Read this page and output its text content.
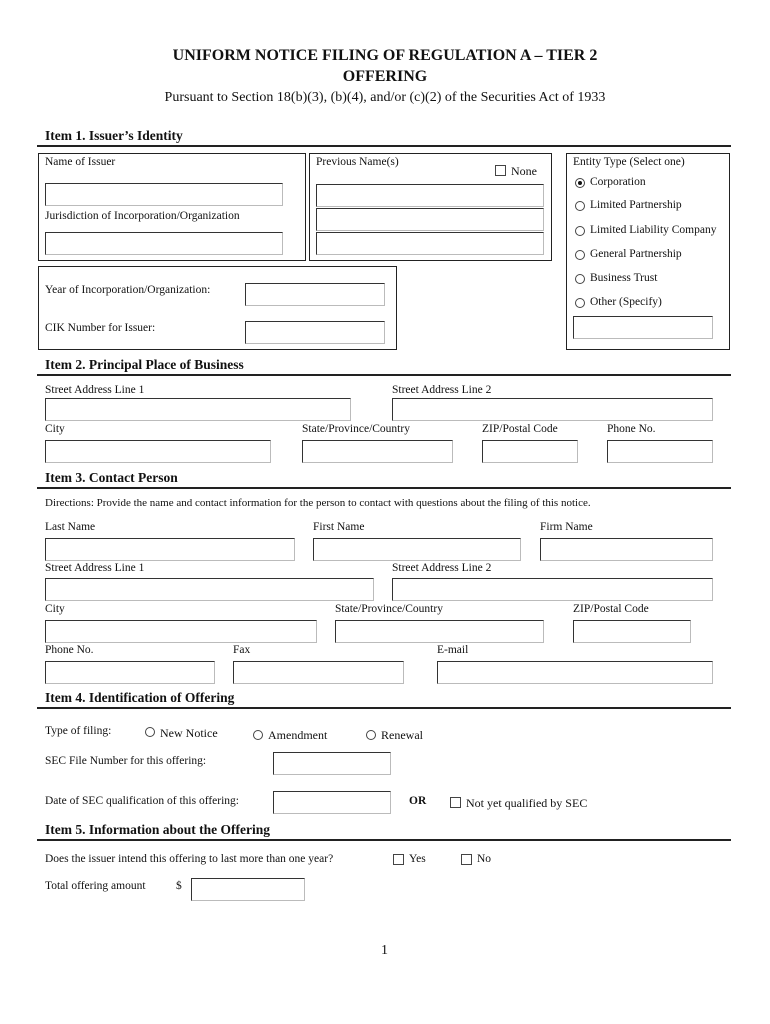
UNIFORM NOTICE FILING OF REGULATION A – TIER 2
OFFERING
Pursuant to Section 18(b)(3), (b)(4), and/or (c)(2) of the Securities Act of 1933
Item 1. Issuer’s Identity
Name of Issuer
Jurisdiction of Incorporation/Organization
Previous Name(s)
None
Entity Type (Select one)
Corporation
Limited Partnership
Limited Liability Company
General Partnership
Business Trust
Other (Specify)
Year of Incorporation/Organization:
CIK Number for Issuer:
Item 2. Principal Place of Business
Street Address Line 1	Street Address Line 2
City	State/Province/Country	ZIP/Postal Code	Phone No.
Item 3. Contact Person
Directions: Provide the name and contact information for the person to contact with questions about the filing of this notice.
Last Name	First Name	Firm Name
Street Address Line 1	Street Address Line 2
City	State/Province/Country	ZIP/Postal Code
Phone No.	Fax	E-mail
Item 4. Identification of Offering
Type of filing:	New Notice	Amendment	Renewal
SEC File Number for this offering:
Date of SEC qualification of this offering:	OR	Not yet qualified by SEC
Item 5. Information about the Offering
Does the issuer intend this offering to last more than one year?	Yes	No
Total offering amount	$
1
